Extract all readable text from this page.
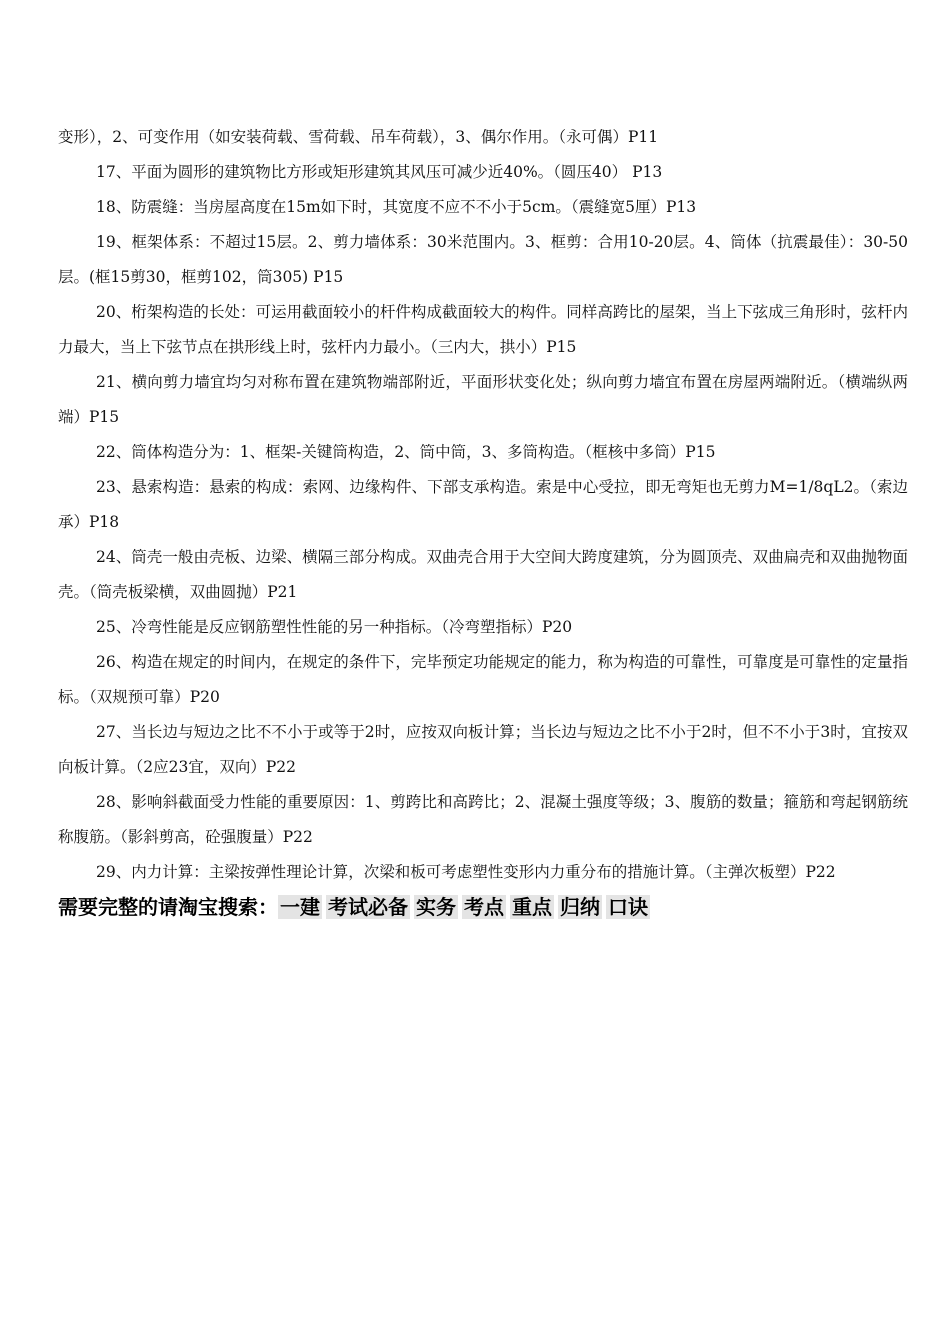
变形），2、可变作用（如安装荷载、雪荷载、吊车荷载），3、偶尔作用。（永可偶）P11

17、平面为圆形的建筑物比方形或矩形建筑其风压可减少近40%。（圆压40） P13

18、防震缝：当房屋高度在15m如下时，其宽度不应不不小于5cm。（震缝宽5厘）P13

19、框架体系：不超过15层。2、剪力墙体系：30米范围内。3、框剪：合用10-20层。4、筒体（抗震最佳）：30-50层。(框15剪30，框剪102，筒305) P15

20、桁架构造的长处：可运用截面较小的杆件构成截面较大的构件。同样高跨比的屋架，当上下弦成三角形时，弦杆内力最大，当上下弦节点在拱形线上时，弦杆内力最小。（三内大，拱小）P15

21、横向剪力墙宜均匀对称布置在建筑物端部附近，平面形状变化处；纵向剪力墙宜布置在房屋两端附近。（横端纵两端）P15

22、筒体构造分为：1、框架-关键筒构造，2、筒中筒，3、多筒构造。（框核中多筒）P15

23、悬索构造：悬索的构成：索网、边缘构件、下部支承构造。索是中心受拉，即无弯矩也无剪力M=1/8qL2。（索边承）P18

24、筒壳一般由壳板、边梁、横隔三部分构成。双曲壳合用于大空间大跨度建筑，分为圆顶壳、双曲扁壳和双曲抛物面壳。（筒壳板梁横，双曲圆抛）P21

25、冷弯性能是反应钢筋塑性性能的另一种指标。（冷弯塑指标）P20

26、构造在规定的时间内，在规定的条件下，完毕预定功能规定的能力，称为构造的可靠性，可靠度是可靠性的定量指标。（双规预可靠）P20

27、当长边与短边之比不不小于或等于2时，应按双向板计算；当长边与短边之比不小于2时，但不不小于3时，宜按双向板计算。（2应23宜，双向）P22

28、影响斜截面受力性能的重要原因：1、剪跨比和高跨比；2、混凝土强度等级；3、腹筋的数量；箍筋和弯起钢筋统称腹筋。（影斜剪高，砼强腹量）P22

29、内力计算：主梁按弹性理论计算，次梁和板可考虑塑性变形内力重分布的措施计算。（主弹次板塑）P22

需要完整的请淘宝搜索： 一建 考试必备 实务 考点 重点 归纳 口诀
